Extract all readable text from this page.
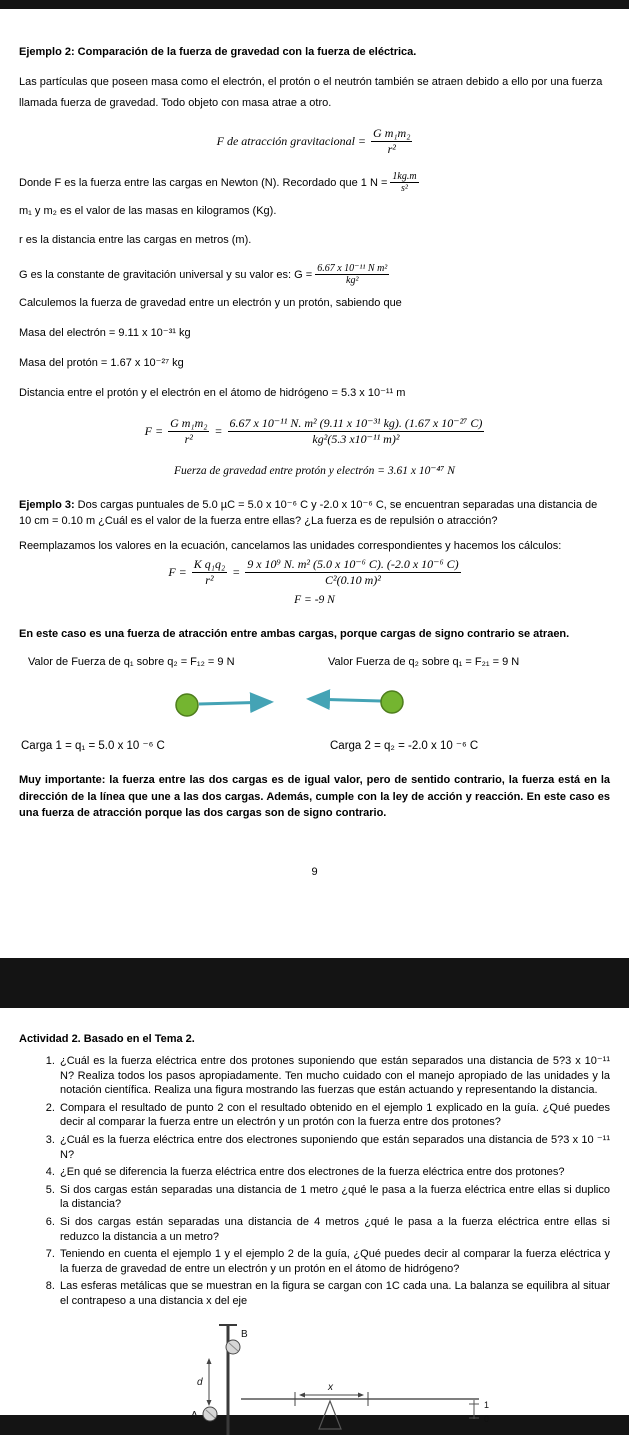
Ejemplo 2: Comparación de la fuerza de gravedad con la fuerza de eléctrica.

Las partículas que poseen masa como el electrón, el protón o el neutrón también se atraen debido a ello por una fuerza llamada fuerza de gravedad. Todo objeto con masa atrae a otro.

F de atracción gravitacional = $\frac{\text{G m₁m₂}}{\text{r²}}$
Donde F es la fuerza entre las cargas en Newton (N). Recordado que 1 $N = \frac{1kg.m}{\text{s²}}$
m₁ y m₂ es el valor de las masas en kilogramos (Kg).
r es la distancia entre las cargas en metros (m).
G es la constante de gravitación universal y su valor es: $G = \frac{\text{6.67 x 10⁻¹¹ N m²}}{\text{kg²}}$
Calculemos la fuerza de gravedad entre un electrón y un protón, sabiendo que
Masa del electrón = 9.11 x 10⁻³¹ kg
Masa del protón = 1.67 x 10⁻²⁷ kg
Distancia entre el protón y el electrón en el átomo de hidrógeno = 5.3 x 10⁻¹¹ m
$F = \frac{\text{G m₁m₂}}{\text{r²}} = \frac{\text{6.67 x 10⁻¹¹ N. m² (9.11 x 10⁻³¹ kg). (1.67 x 10⁻²⁷ C)}}{\text{kg²(5.3 x10⁻¹¹ m)²}}$
Fuerza de gravedad entre protón y electrón = 3.61 x 10⁻⁴⁷ N

Ejemplo 3: Dos cargas puntuales de 5.0 µC = 5.0 x 10⁻⁶ C y -2.0 x 10⁻⁶ C, se encuentran separadas una distancia de 10 cm = 0.10 m ¿Cuál es el valor de la fuerza entre ellas? ¿La fuerza es de repulsión o atracción?

Reemplazamos los valores en la ecuación, cancelamos las unidades correspondientes y hacemos los cálculos:
$F = \frac{\text{K q₁q₂}}{\text{r²}} = \frac{\text{9 x 10⁹ N. m² (5.0 x 10⁻⁶ C). (-2.0 x 10⁻⁶ C)}}{\text{C²(0.10 m)²}}$
F = -9 N

En este caso es una fuerza de atracción entre ambas cargas, porque cargas de signo contrario se atraen.

Valor de Fuerza de q₁ sobre q₂ = F₁₂ = 9 N	Valor Fuerza de q₂ sobre q₁ = F₂₁ = 9 N
Carga 1 = q₁ = 5.0 x 10 ⁻⁶ C	Carga 2 = q₂ = -2.0 x 10 ⁻⁶ C

Muy importante: la fuerza entre las dos cargas es de igual valor, pero de sentido contrario, la fuerza está en la dirección de la línea que une a las dos cargas. Además, cumple con la ley de acción y reacción. En este caso es una fuerza de atracción porque las dos cargas son de signo contrario.

9
Actividad 2. Basado en el Tema 2.
1. ¿Cuál es la fuerza eléctrica entre dos protones suponiendo que están separados una distancia de 5?3 x 10⁻¹¹ N? Realiza todos los pasos apropiadamente. Ten mucho cuidado con el manejo apropiado de las unidades y la notación científica. Realiza una figura mostrando las fuerzas que están actuando y representando la distancia.
2. Compara el resultado de punto 2 con el resultado obtenido en el ejemplo 1 explicado en la guía. ¿Qué puedes decir al comparar la fuerza entre un electrón y un protón con la fuerza entre dos protones?
3. ¿Cuál es la fuerza eléctrica entre dos electrones suponiendo que están separados una distancia de 5?3 x 10 ⁻¹¹ N?
4. ¿En qué se diferencia la fuerza eléctrica entre dos electrones de la fuerza eléctrica entre dos protones?
5. Si dos cargas están separadas una distancia de 1 metro ¿qué le pasa a la fuerza eléctrica entre ellas si duplico la distancia?
6. Si dos cargas están separadas una distancia de 4 metros ¿qué le pasa a la fuerza eléctrica entre ellas si reduzco la distancia a un metro?
7. Teniendo en cuenta el ejemplo 1 y el ejemplo 2 de la guía, ¿Qué puedes decir al comparar la fuerza eléctrica y la fuerza de gravedad de entre un electrón y un protón en el átomo de hidrógeno?
8. Las esferas metálicas que se muestran en la figura se cargan con 1C cada una. La balanza se equilibra al situar el contrapeso a una distancia x del eje
B
d
A
x
1
0
